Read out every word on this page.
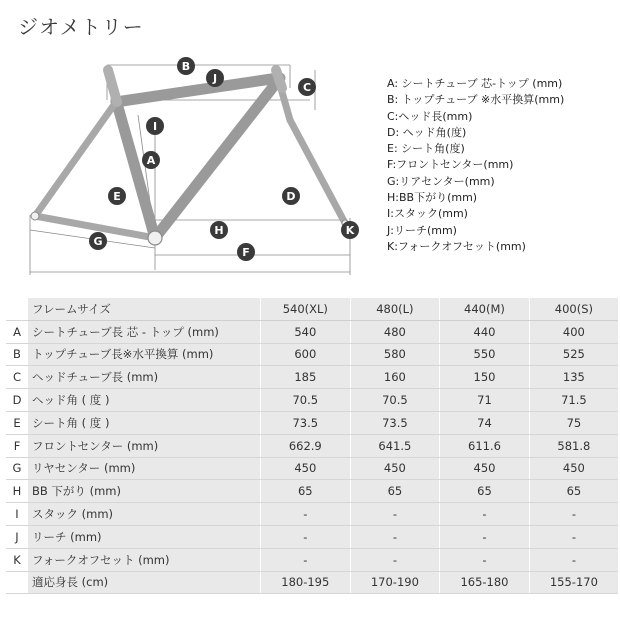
ジオメトリー
B
J
C
I
A
E	D
H	K
G
F
A: シートチューブ 芯-トップ (mm)
B: トップチューブ ※水平換算(mm)
C:ヘッド長(mm)
D: ヘッド角(度)
E: シート角(度)
F:フロントセンター(mm)
G:リアセンター(mm)
H:BB下がり(mm)
I:スタック(mm)
J:リーチ(mm)
K:フォークオフセット(mm)
	フレームサイズ	540(XL)	480(L)	440(M)	400(S)
A	シートチューブ長 芯 - トップ (mm)	540	480	440	400
B	トップチューブ長※水平換算 (mm)	600	580	550	525
C	ヘッドチューブ長 (mm)	185	160	150	135
D	ヘッド角 ( 度 )	70.5	70.5	71	71.5
E	シート角 ( 度 )	73.5	73.5	74	75
F	フロントセンター (mm)	662.9	641.5	611.6	581.8
G	リヤセンター (mm)	450	450	450	450
H	BB 下がり (mm)	65	65	65	65
I	スタック (mm)	-	-	-	-
J	リーチ (mm)	-	-	-	-
K	フォークオフセット (mm)	-	-	-	-
	適応身長 (cm)	180-195	170-190	165-180	155-170
